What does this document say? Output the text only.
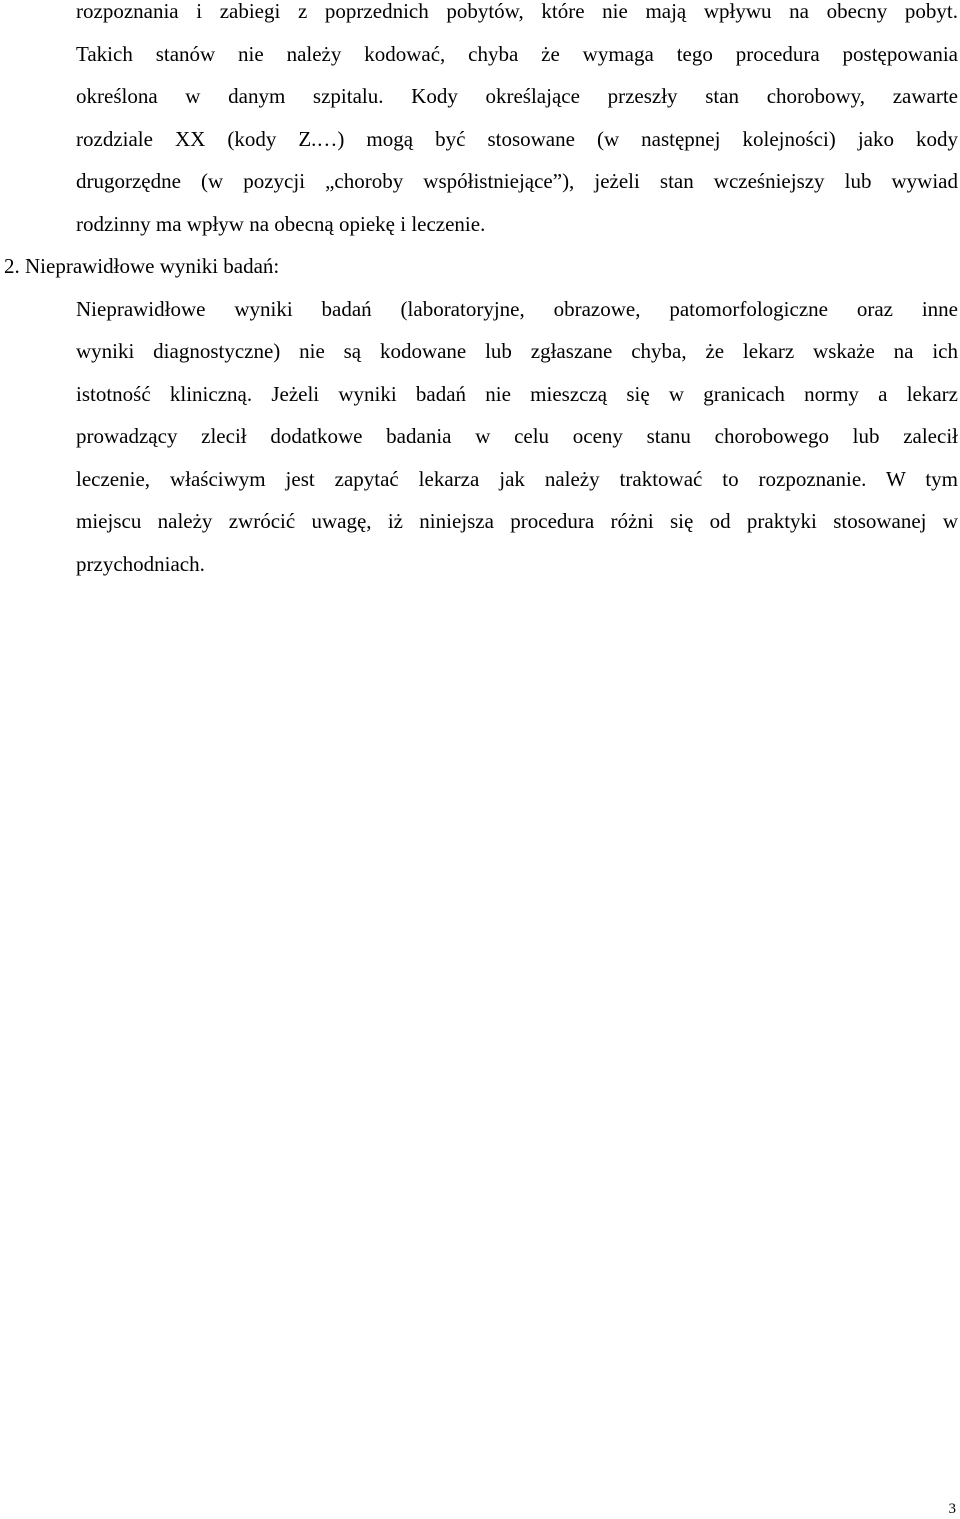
rozpoznania i zabiegi z poprzednich pobytów, które nie mają wpływu na obecny pobyt.
Takich stanów nie należy kodować, chyba że wymaga tego procedura postępowania
określona w danym szpitalu. Kody określające przeszły stan chorobowy, zawarte
rozdziale XX (kody Z.…) mogą być stosowane (w następnej kolejności) jako kody
drugorzędne (w pozycji „choroby współistniejące”), jeżeli stan wcześniejszy lub wywiad
rodzinny ma wpływ na obecną opiekę i leczenie.
2. Nieprawidłowe wyniki badań:
Nieprawidłowe wyniki badań (laboratoryjne, obrazowe, patomorfologiczne oraz inne
wyniki diagnostyczne) nie są kodowane lub zgłaszane chyba, że lekarz wskaże na ich
istotność kliniczną. Jeżeli wyniki badań nie mieszczą się w granicach normy a lekarz
prowadzący zlecił dodatkowe badania w celu oceny stanu chorobowego lub zalecił
leczenie, właściwym jest zapytać lekarza jak należy traktować to rozpoznanie. W tym
miejscu należy zwrócić uwagę, iż niniejsza procedura różni się od praktyki stosowanej w
przychodniach.
3
